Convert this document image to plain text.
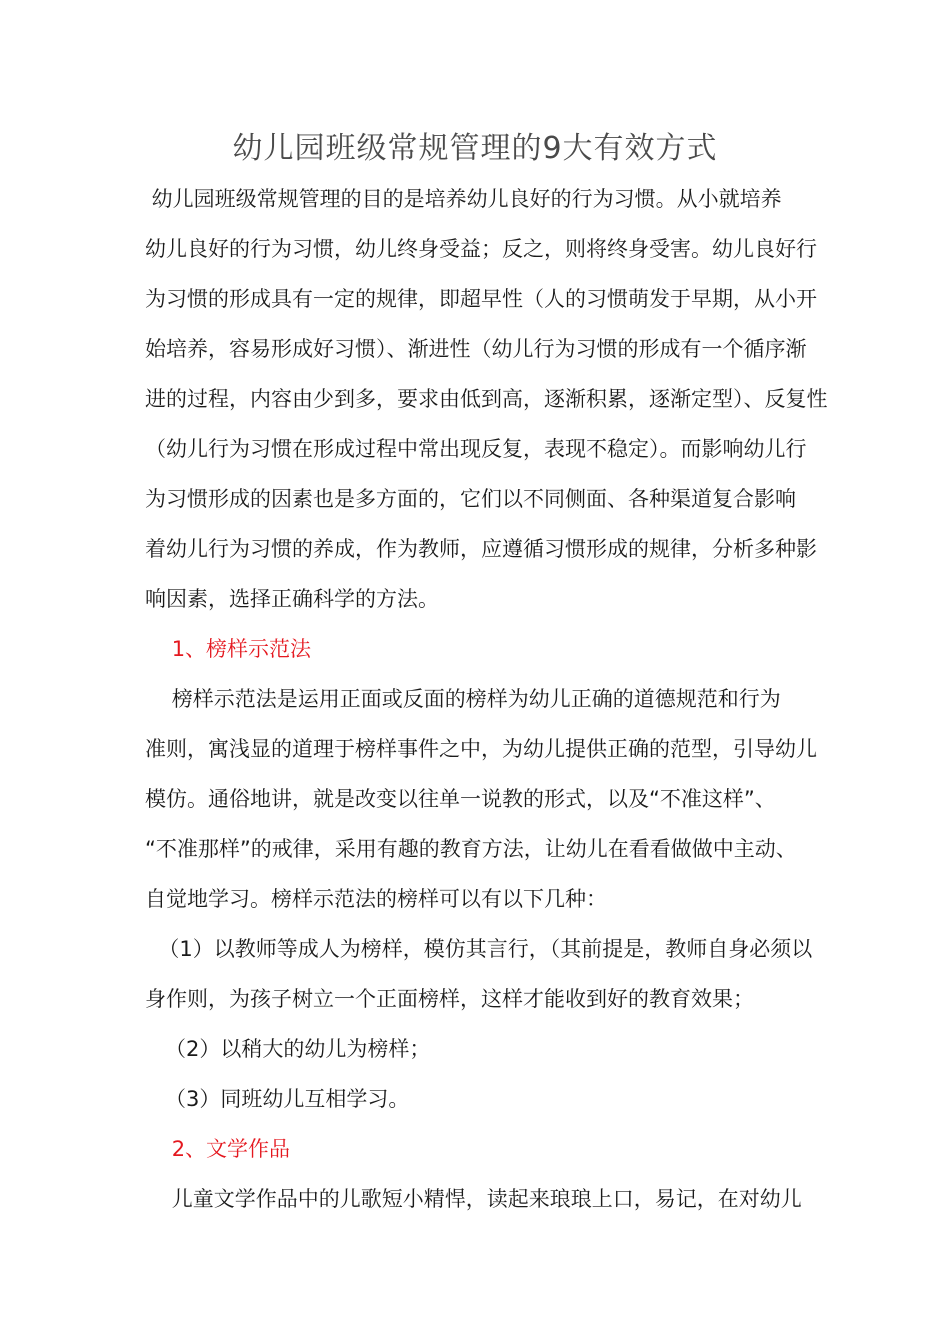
幼儿园班级常规管理的9大有效方式
幼儿园班级常规管理的目的是培养幼儿良好的行为习惯。从小就培养
幼儿良好的行为习惯，幼儿终身受益；反之，则将终身受害。幼儿良好行
为习惯的形成具有一定的规律，即超早性（人的习惯萌发于早期，从小开
始培养，容易形成好习惯）、渐进性（幼儿行为习惯的形成有一个循序渐
进的过程，内容由少到多，要求由低到高，逐渐积累，逐渐定型）、反复性
（幼儿行为习惯在形成过程中常出现反复，表现不稳定）。而影响幼儿行
为习惯形成的因素也是多方面的，它们以不同侧面、各种渠道复合影响
着幼儿行为习惯的养成，作为教师，应遵循习惯形成的规律，分析多种影
响因素，选择正确科学的方法。
1、榜样示范法
榜样示范法是运用正面或反面的榜样为幼儿正确的道德规范和行为
准则，寓浅显的道理于榜样事件之中，为幼儿提供正确的范型，引导幼儿
模仿。通俗地讲，就是改变以往单一说教的形式，以及“不准这样”、
“不准那样”的戒律，采用有趣的教育方法，让幼儿在看看做做中主动、
自觉地学习。榜样示范法的榜样可以有以下几种：
（1）以教师等成人为榜样，模仿其言行，（其前提是，教师自身必须以
身作则，为孩子树立一个正面榜样，这样才能收到好的教育效果；
（2）以稍大的幼儿为榜样；
（3）同班幼儿互相学习。
2、文学作品
儿童文学作品中的儿歌短小精悍，读起来琅琅上口，易记，在对幼儿
